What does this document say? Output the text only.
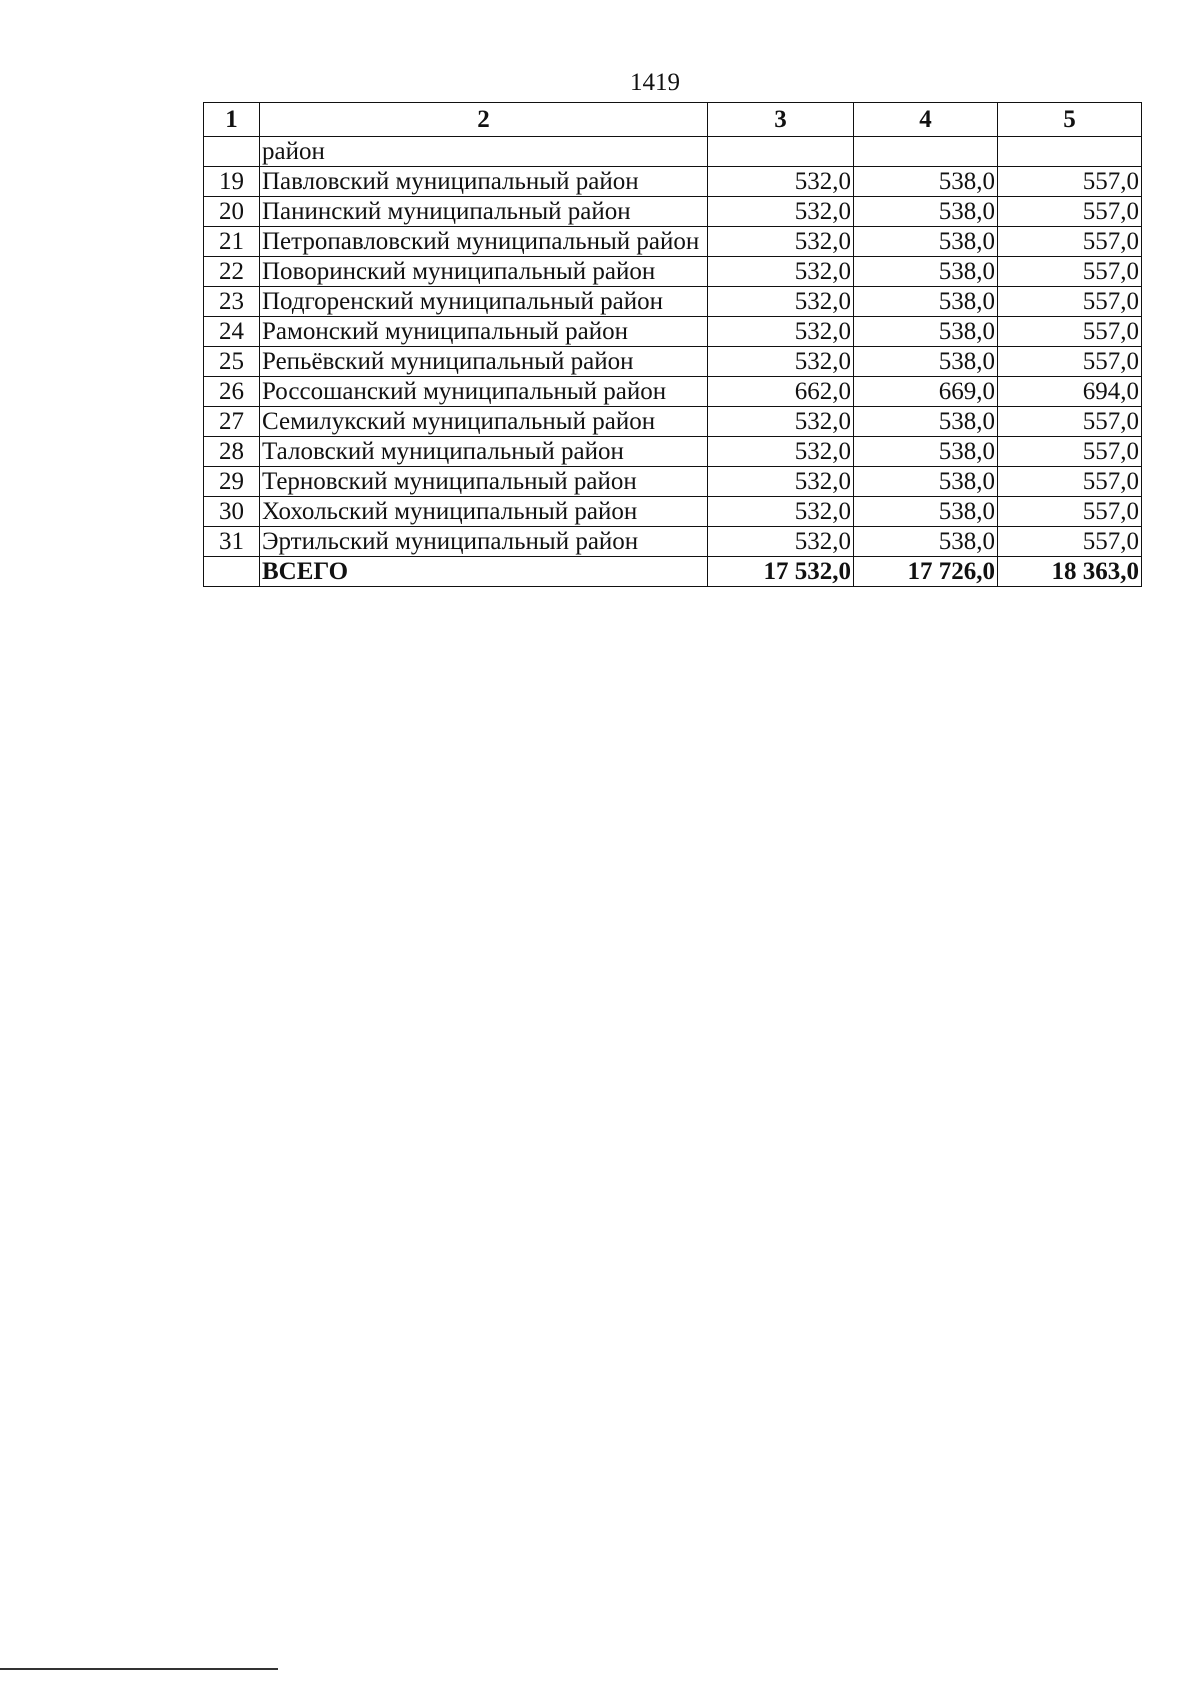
1419
1	2	3	4	5
	район			
19	Павловский муниципальный район	532,0	538,0	557,0
20	Панинский муниципальный район	532,0	538,0	557,0
21	Петропавловский муниципальный район	532,0	538,0	557,0
22	Поворинский муниципальный район	532,0	538,0	557,0
23	Подгоренский муниципальный район	532,0	538,0	557,0
24	Рамонский муниципальный район	532,0	538,0	557,0
25	Репьёвский муниципальный район	532,0	538,0	557,0
26	Россошанский муниципальный район	662,0	669,0	694,0
27	Семилукский муниципальный район	532,0	538,0	557,0
28	Таловский муниципальный район	532,0	538,0	557,0
29	Терновский муниципальный район	532,0	538,0	557,0
30	Хохольский муниципальный район	532,0	538,0	557,0
31	Эртильский муниципальный район	532,0	538,0	557,0
	ВСЕГО	17 532,0	17 726,0	18 363,0
